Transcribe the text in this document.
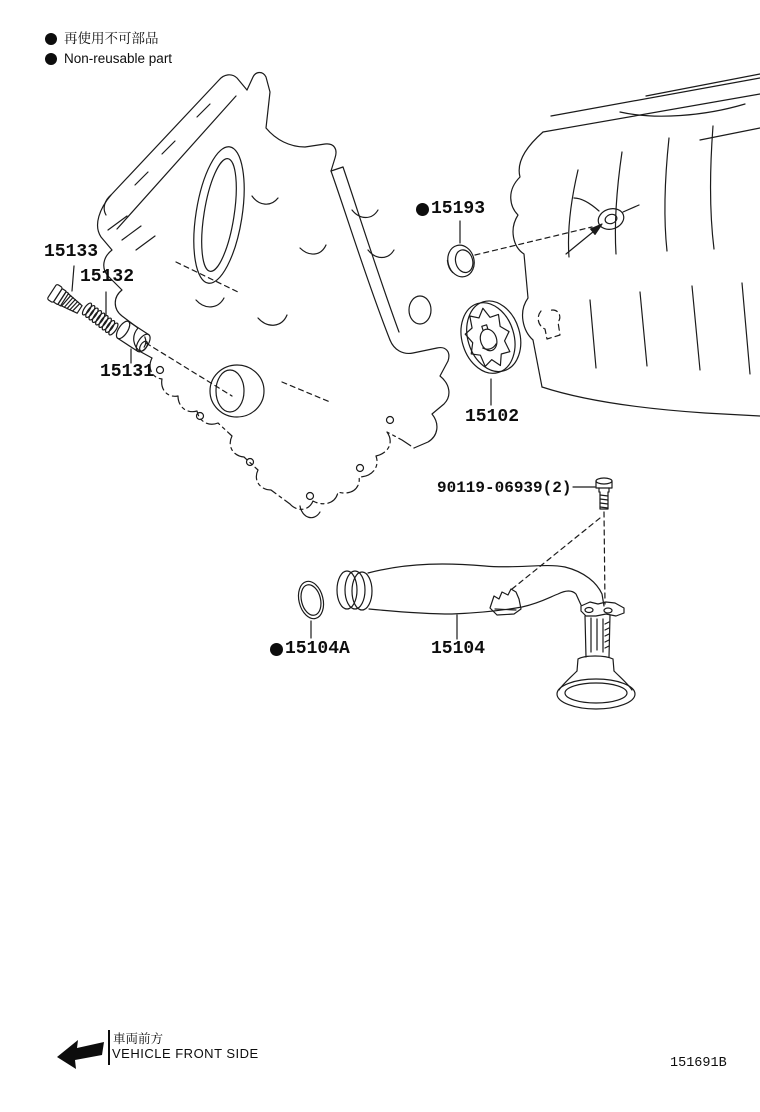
再使用不可部品
Non-reusable part
15133
15132
15131
15193
15102
90119-06939(2)
15104A	15104
車両前方
VEHICLE FRONT SIDE
151691B
